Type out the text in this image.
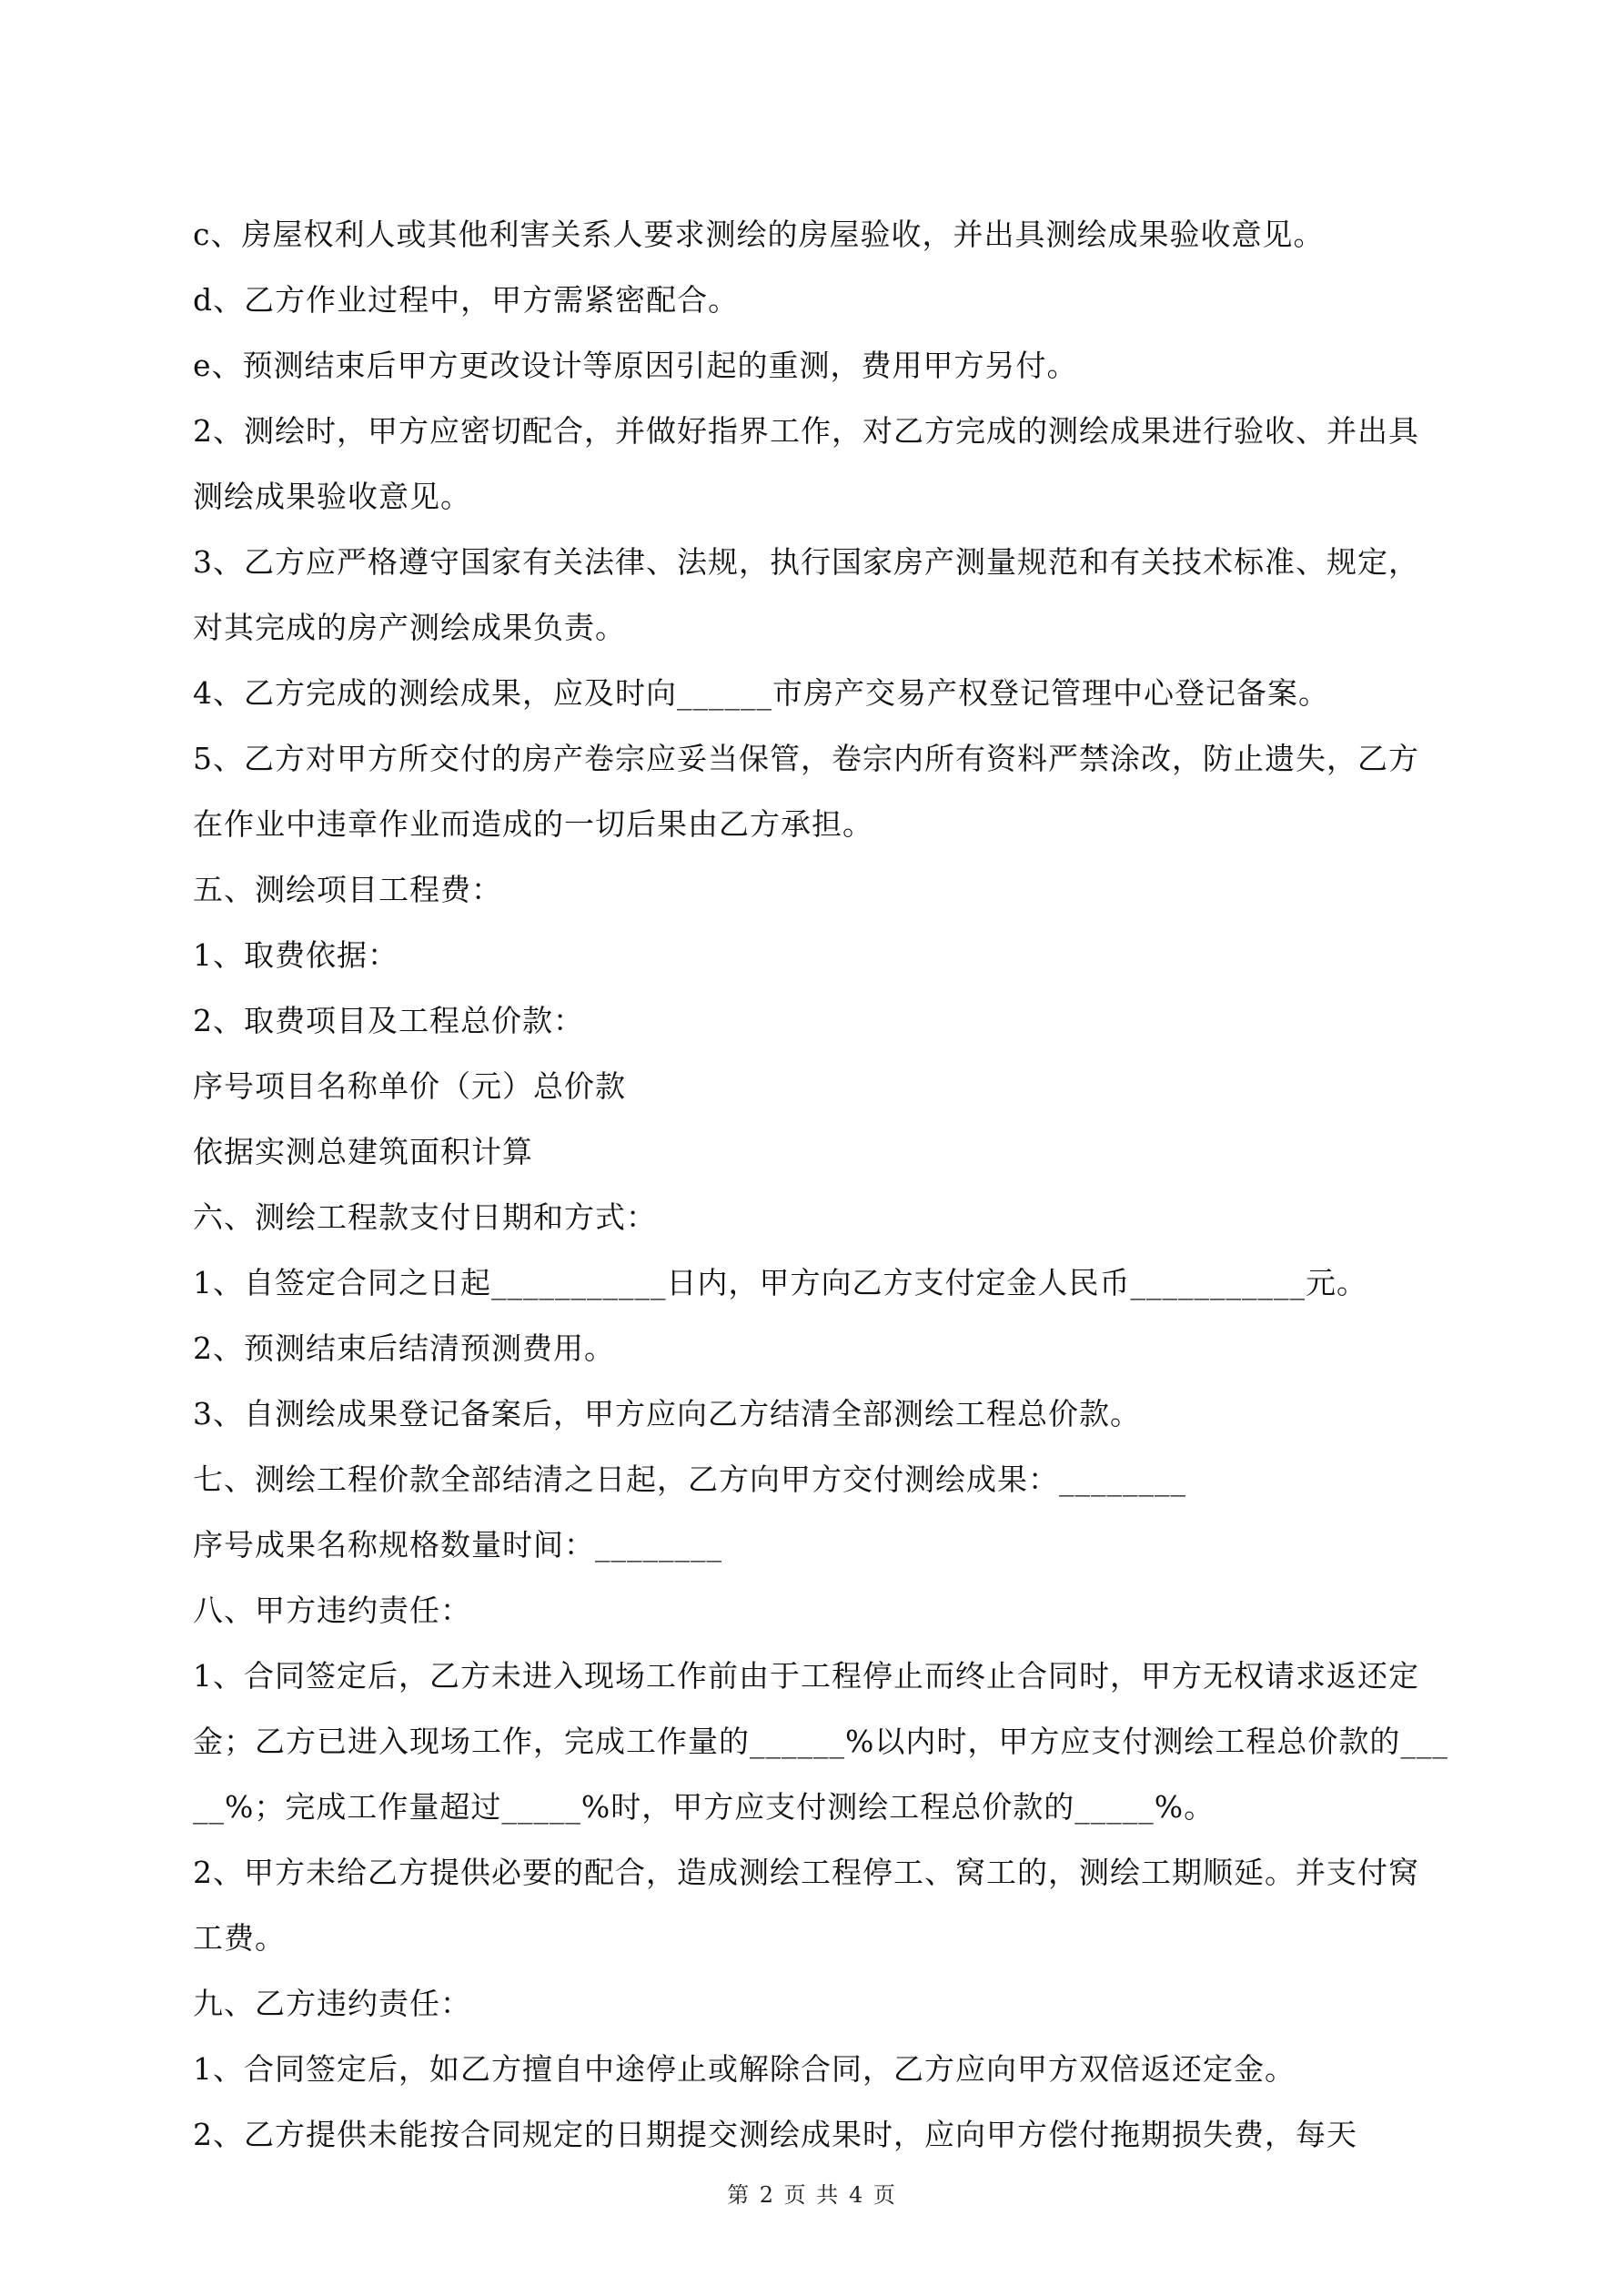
c、房屋权利人或其他利害关系人要求测绘的房屋验收，并出具测绘成果验收意见。

d、乙方作业过程中，甲方需紧密配合。

e、预测结束后甲方更改设计等原因引起的重测，费用甲方另付。

2、测绘时，甲方应密切配合，并做好指界工作，对乙方完成的测绘成果进行验收、并出具测绘成果验收意见。

3、乙方应严格遵守国家有关法律、法规，执行国家房产测量规范和有关技术标准、规定，对其完成的房产测绘成果负责。

4、乙方完成的测绘成果，应及时向______市房产交易产权登记管理中心登记备案。

5、乙方对甲方所交付的房产卷宗应妥当保管，卷宗内所有资料严禁涂改，防止遗失，乙方在作业中违章作业而造成的一切后果由乙方承担。

五、测绘项目工程费：

1、取费依据：

2、取费项目及工程总价款：

序号项目名称单价（元）总价款

依据实测总建筑面积计算

六、测绘工程款支付日期和方式：

1、自签定合同之日起___________日内，甲方向乙方支付定金人民币___________元。

2、预测结束后结清预测费用。

3、自测绘成果登记备案后，甲方应向乙方结清全部测绘工程总价款。

七、测绘工程价款全部结清之日起，乙方向甲方交付测绘成果：________

序号成果名称规格数量时间：________

八、甲方违约责任：

1、合同签定后，乙方未进入现场工作前由于工程停止而终止合同时，甲方无权请求返还定金；乙方已进入现场工作，完成工作量的______%以内时，甲方应支付测绘工程总价款的_____%；完成工作量超过_____%时，甲方应支付测绘工程总价款的_____%。

2、甲方未给乙方提供必要的配合，造成测绘工程停工、窝工的，测绘工期顺延。并支付窝工费。

九、乙方违约责任：

1、合同签定后，如乙方擅自中途停止或解除合同，乙方应向甲方双倍返还定金。

2、乙方提供未能按合同规定的日期提交测绘成果时，应向甲方偿付拖期损失费，每天

第 2 页 共 4 页
